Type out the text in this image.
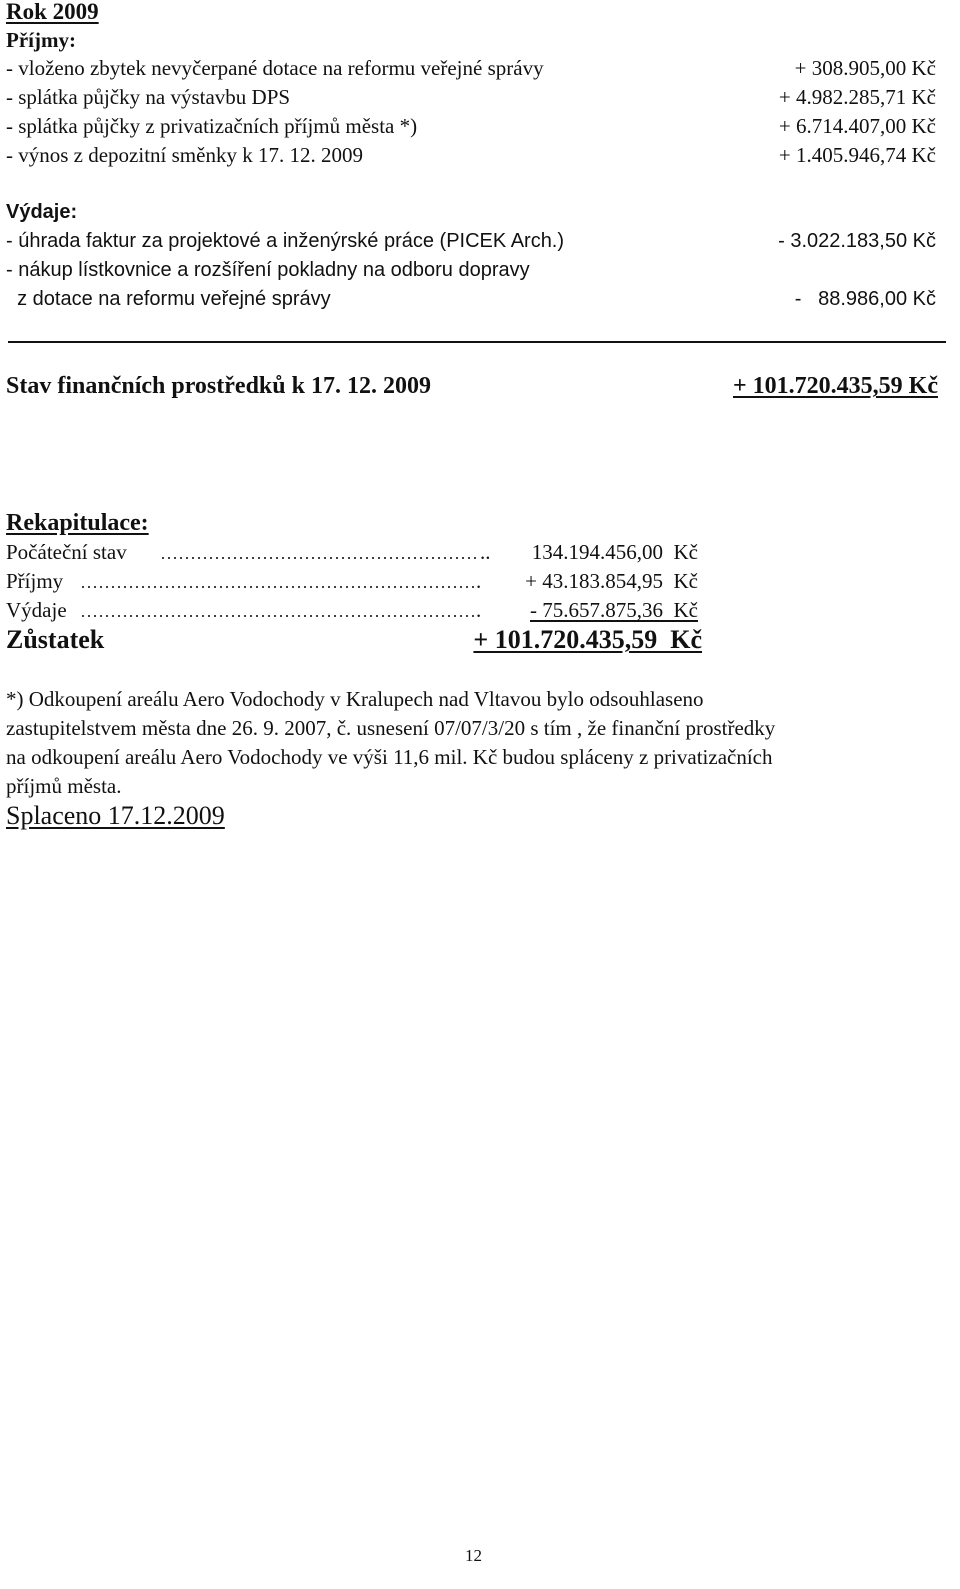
Rok 2009
Příjmy:
- vloženo zbytek nevyčerpané dotace na reformu veřejné správy	+ 308.905,00 Kč
- splátka půjčky na výstavbu DPS	+ 4.982.285,71 Kč
- splátka půjčky z privatizačních příjmů města *)	+ 6.714.407,00 Kč
- výnos z depozitní směnky k 17. 12. 2009	+ 1.405.946,74 Kč
Výdaje:
- úhrada faktur za projektové a inženýrské práce (PICEK Arch.)	- 3.022.183,50 Kč
- nákup lístkovnice a rozšíření pokladny na odboru dopravy
z dotace na reformu veřejné správy	-   88.986,00 Kč
Stav finančních prostředků k 17. 12. 2009	+ 101.720.435,59 Kč
Rekapitulace:
Počáteční stav	.. 134.194.456,00  Kč
Příjmy	. + 43.183.854,95  Kč
Výdaje	. - 75.657.875,36  Kč
Zůstatek	+ 101.720.435,59  Kč
*) Odkoupení areálu Aero Vodochody v Kralupech nad Vltavou bylo odsouhlaseno
zastupitelstvem města dne 26. 9. 2007, č. usnesení 07/07/3/20 s tím , že finanční prostředky
na odkoupení areálu Aero Vodochody ve výši 11,6 mil. Kč budou spláceny z privatizačních
příjmů města.
Splaceno 17.12.2009
12
